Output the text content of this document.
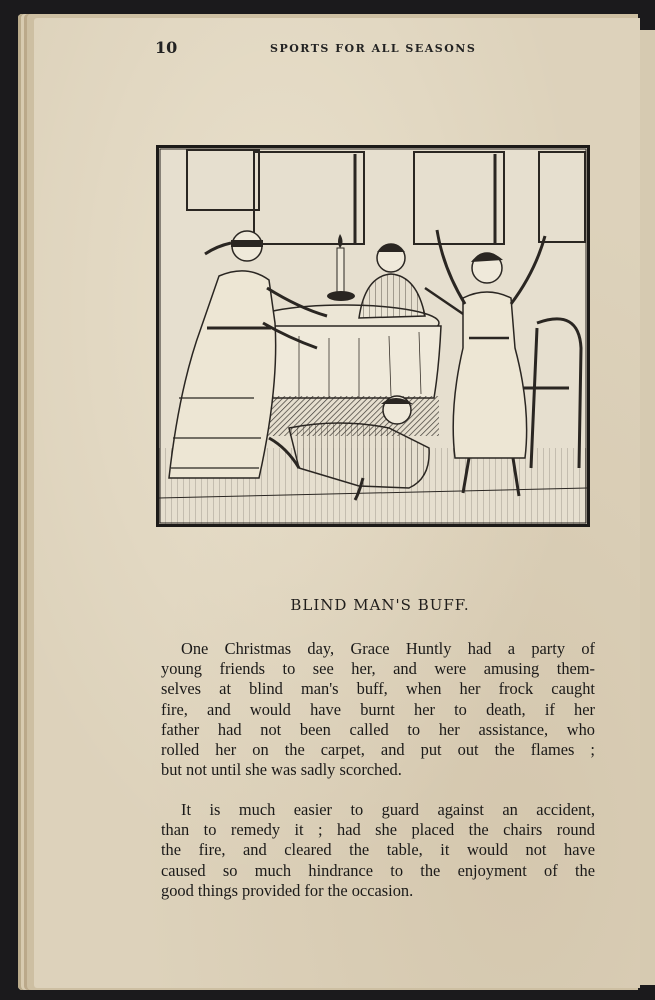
10	SPORTS FOR ALL SEASONS
BLIND MAN'S BUFF.
One Christmas day, Grace Huntly had a party of
young friends to see her, and were amusing them-
selves at blind man's buff, when her frock caught
fire, and would have burnt her to death, if her
father had not been called to her assistance, who
rolled her on the carpet, and put out the flames ;
but not until she was sadly scorched.
It is much easier to guard against an accident,
than to remedy it ; had she placed the chairs round
the fire, and cleared the table, it would not have
caused so much hindrance to the enjoyment of the
good things provided for the occasion.
